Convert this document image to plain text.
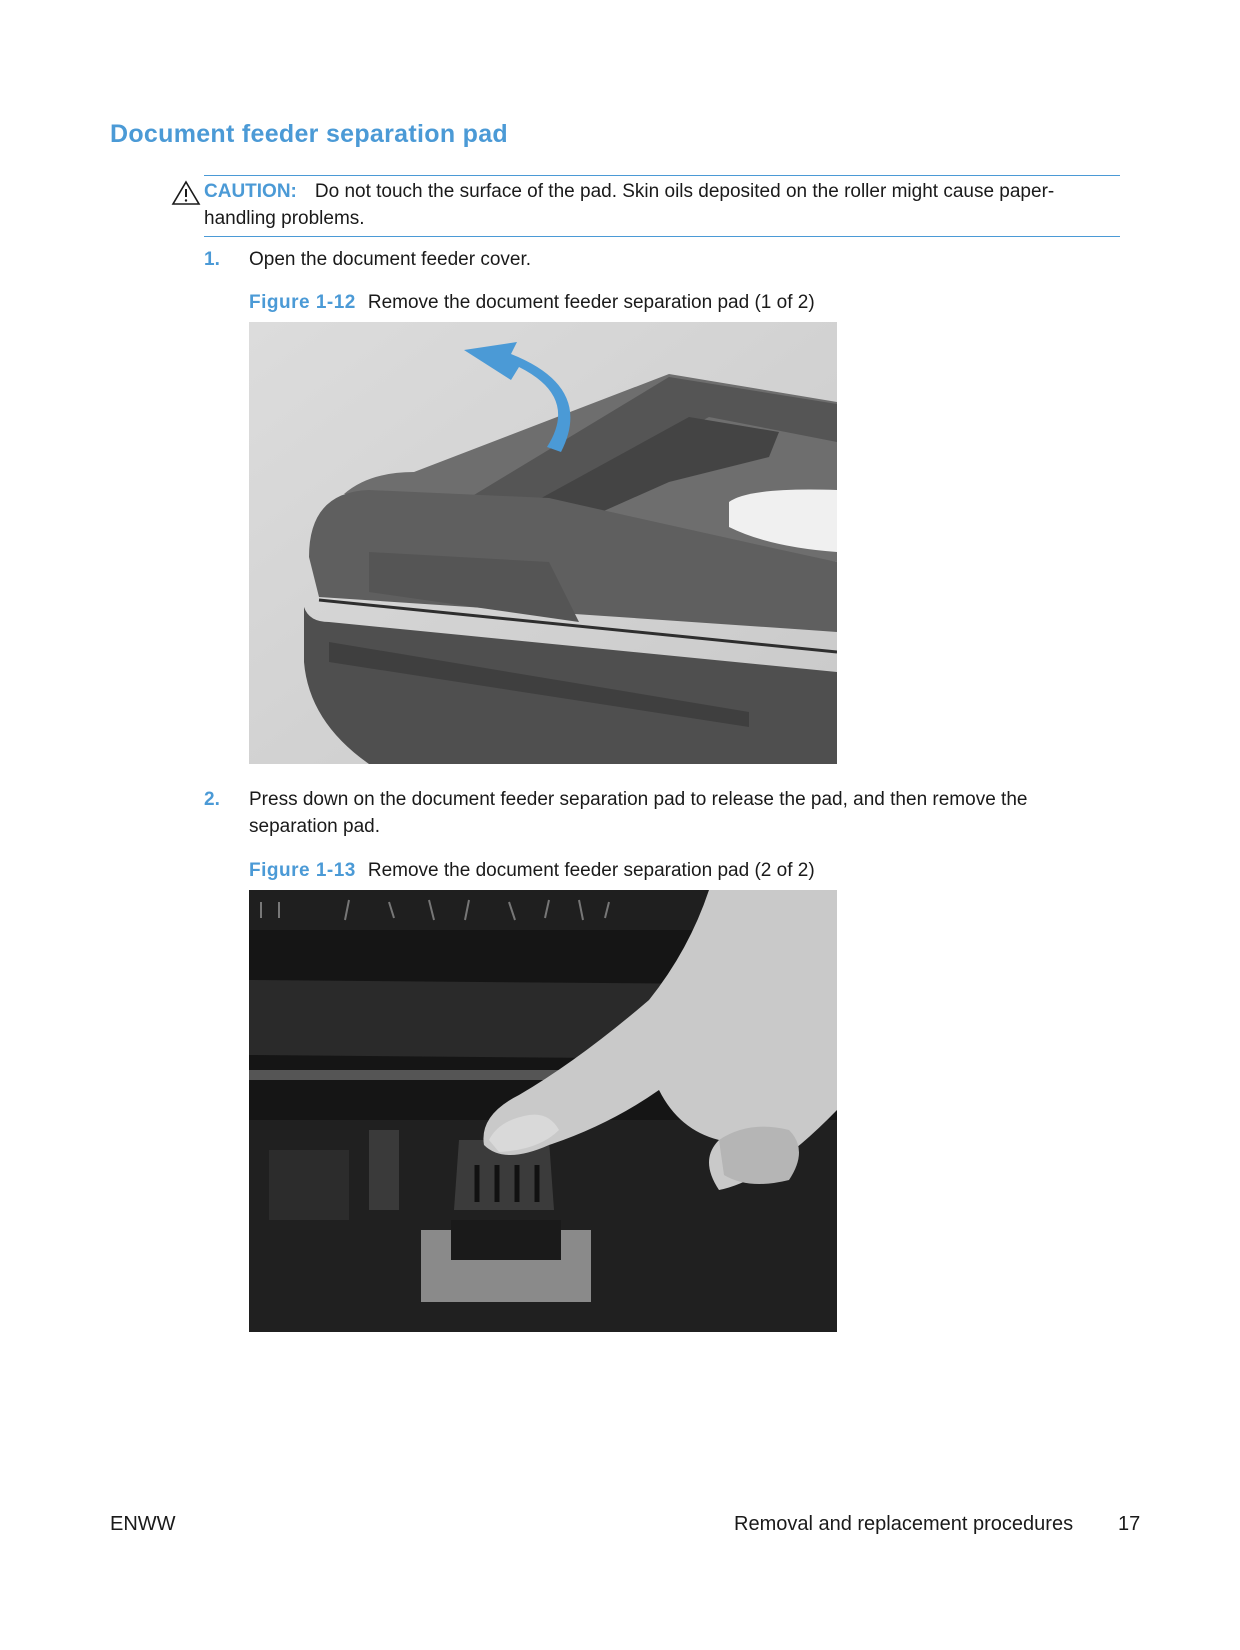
Document feeder separation pad
CAUTION: Do not touch the surface of the pad. Skin oils deposited on the roller might cause paper-handling problems.
1. Open the document feeder cover.
Figure 1-12 Remove the document feeder separation pad (1 of 2)
2. Press down on the document feeder separation pad to release the pad, and then remove the separation pad.
Figure 1-13 Remove the document feeder separation pad (2 of 2)
ENWW	Removal and replacement procedures 17
